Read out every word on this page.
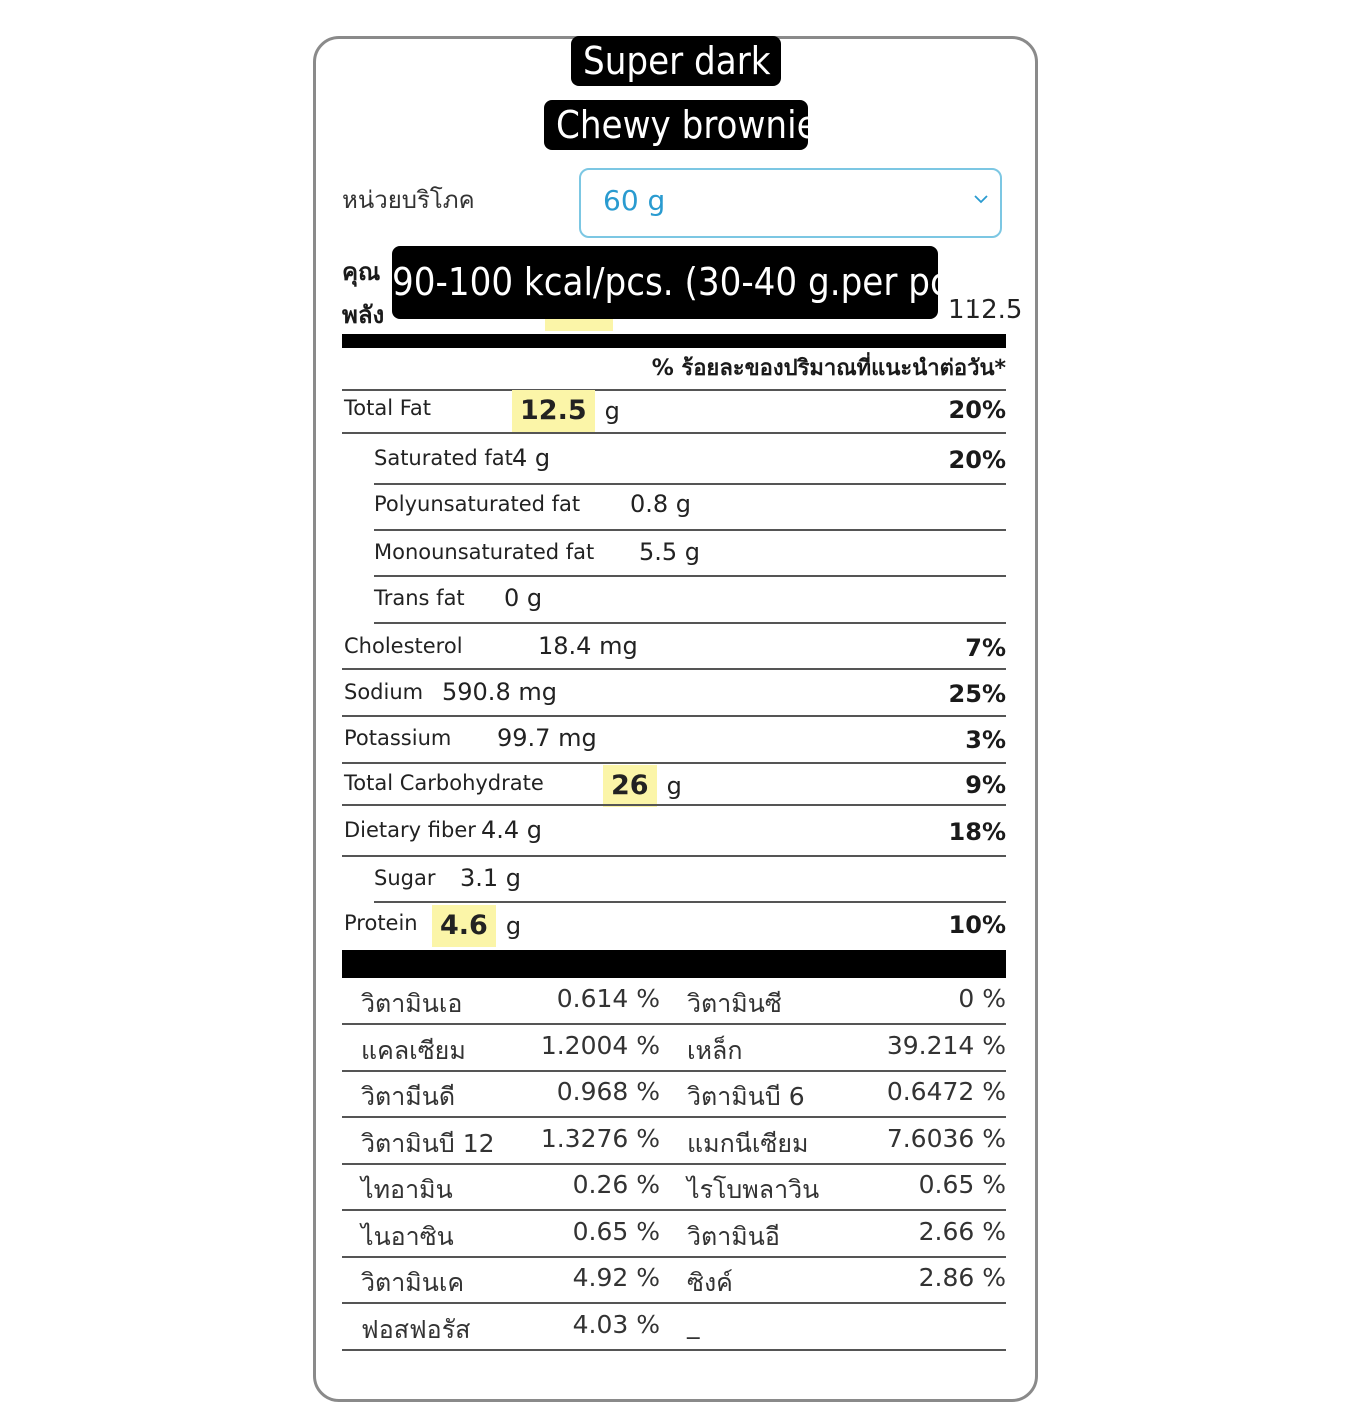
Super dark
Chewy brownie
หน่วยบริโภค	60 g
คุณ
พลัง	112.5
90-100 kcal/pcs. (30-40 g.per pcs)
% ร้อยละของปริมาณที่แนะนำต่อวัน*
Total Fat	12.5 g	20%
Saturated fat 4 g	20%
Polyunsaturated fat 0.8 g
Monounsaturated fat 5.5 g
Trans fat 0 g
Cholesterol	18.4 mg	7%
Sodium 590.8 mg	25%
Potassium 99.7 mg	3%
Total Carbohydrate 26 g	9%
Dietary fiber 4.4 g	18%
Sugar 3.1 g
Protein 4.6 g	10%
วิตามินเอ	0.614 % วิตามินซี	0 %
แคลเซียม	1.2004 % เหล็ก	39.214 %
วิตามีนดี	0.968 % วิตามินบี 6	0.6472 %
วิตามินบี 12 1.3276 % แมกนีเซียม	7.6036 %
ไทอามิน	0.26 % ไรโบพลาวิน	0.65 %
ไนอาซิน	0.65 % วิตามินอี	2.66 %
วิตามินเค	4.92 % ซิงค์	2.86 %
ฟอสฟอรัส	4.03 % _
